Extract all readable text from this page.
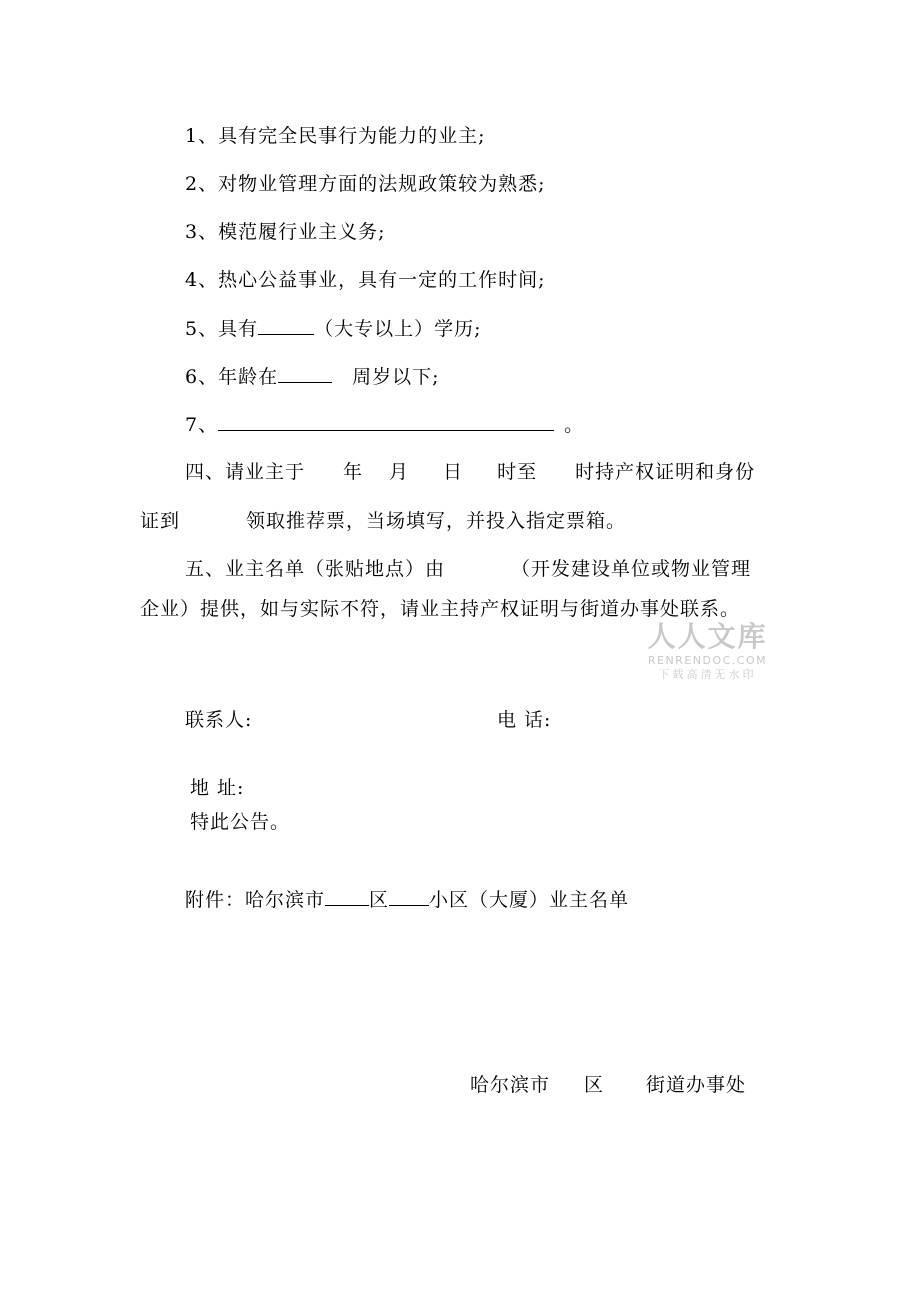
1、具有完全民事行为能力的业主;
2、对物业管理方面的法规政策较为熟悉;
3、模范履行业主义务;
4、热心公益事业，具有一定的工作时间;
5、具有	（大专以上）学历;
6、年龄在	周岁以下;
7、	。
四、请业主于 年 月 日 时至 时持产权证明和身份
证到	领取推荐票，当场填写，并投入指定票箱。
五、业主名单（张贴地点）由	（开发建设单位或物业管理
企业）提供，如与实际不符，请业主持产权证明与街道办事处联系。
人人文库
RENRENDOC.COM
下载高清无水印
联系人:	电 话:
地 址:
特此公告。
附件：哈尔滨市 区 小区（大厦）业主名单
哈尔滨市 区 街道办事处
